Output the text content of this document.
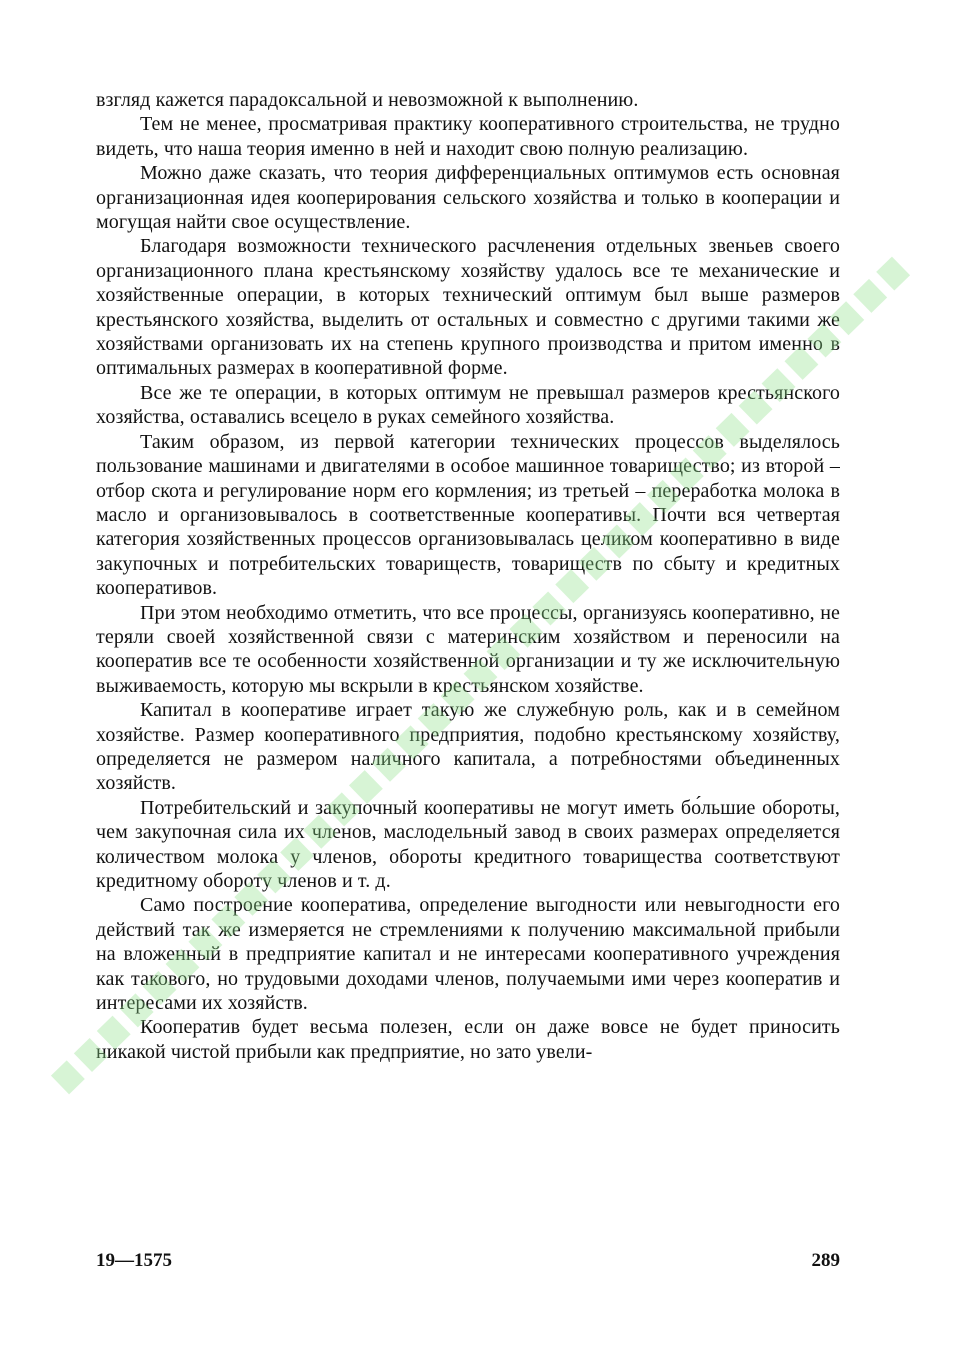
взгляд кажется парадоксальной и невозможной к выполнению.

Тем не менее, просматривая практику кооперативного строительства, не трудно видеть, что наша теория именно в ней и находит свою полную реализацию.

Можно даже сказать, что теория дифференциальных оптимумов есть основная организационная идея кооперирования сельского хозяйства и только в кооперации и могущая найти свое осуществление.

Благодаря возможности технического расчленения отдельных звеньев своего организационного плана крестьянскому хозяйству удалось все те механические и хозяйственные операции, в которых технический оптимум был выше размеров крестьянского хозяйства, выделить от остальных и совместно с другими такими же хозяйствами организовать их на степень крупного производства и притом именно в оптимальных размерах в кооперативной форме.

Все же те операции, в которых оптимум не превышал размеров крестьянского хозяйства, оставались всецело в руках семейного хозяйства.

Таким образом, из первой категории технических процессов выделялось пользование машинами и двигателями в особое машинное товарищество; из второй – отбор скота и регулирование норм его кормления; из третьей – переработка молока в масло и организовывалось в соответственные кооперативы. Почти вся четвертая категория хозяйственных процессов организовывалась целиком кооперативно в виде закупочных и потребительских товариществ, товариществ по сбыту и кредитных кооперативов.

При этом необходимо отметить, что все процессы, организуясь кооперативно, не теряли своей хозяйственной связи с материнским хозяйством и переносили на кооператив все те особенности хозяйственной организации и ту же исключительную выживаемость, которую мы вскрыли в крестьянском хозяйстве.

Капитал в кооперативе играет такую же служебную роль, как и в семейном хозяйстве. Размер кооперативного предприятия, подобно крестьянскому хозяйству, определяется не размером наличного капитала, а потребностями объединенных хозяйств.

Потребительский и закупочный кооперативы не могут иметь бо́льшие обороты, чем закупочная сила их членов, маслодельный завод в своих размерах определяется количеством молока у членов, обороты кредитного товарищества соответствуют кредитному обороту членов и т. д.

Само построение кооператива, определение выгодности или невыгодности его действий так же измеряется не стремлениями к получению максимальной прибыли на вложенный в предприятие капитал и не интересами кооперативного учреждения как такового, но трудовыми доходами членов, получаемыми ими через кооператив и интересами их хозяйств.

Кооператив будет весьма полезен, если он даже вовсе не будет приносить никакой чистой прибыли как предприятие, но зато увели-

19—1575	289
